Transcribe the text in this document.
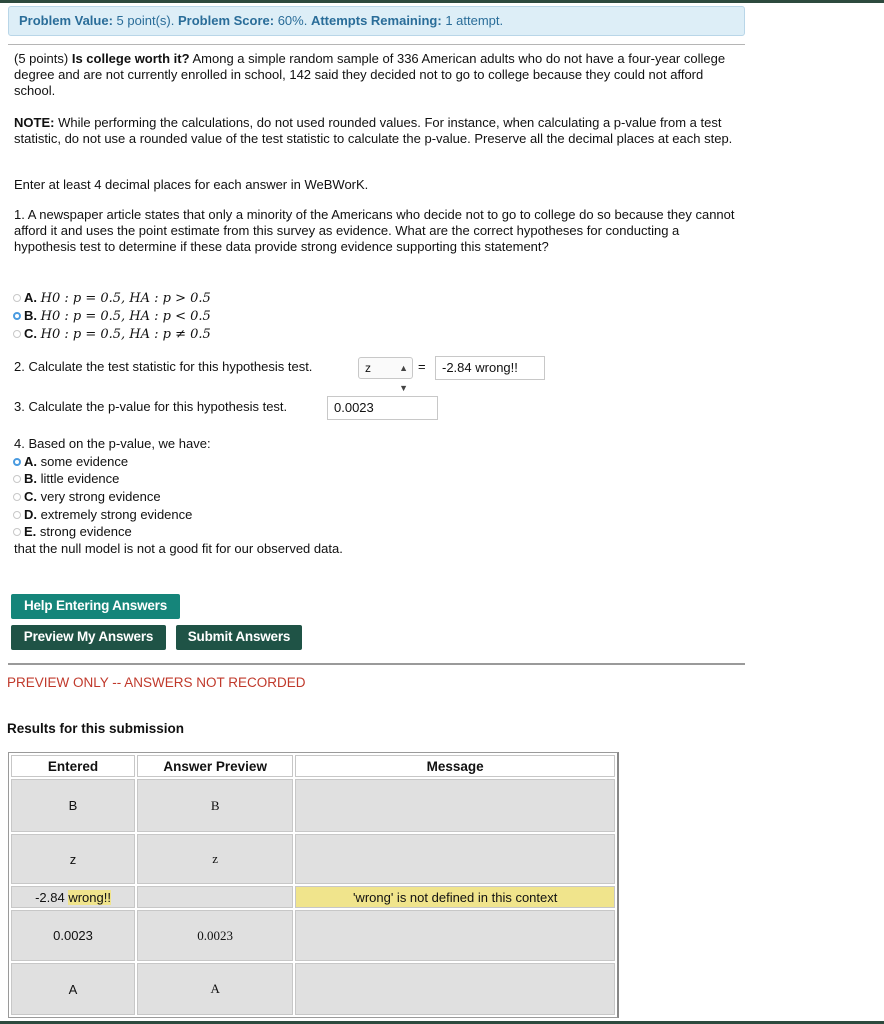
Problem Value: 5 point(s). Problem Score: 60%. Attempts Remaining: 1 attempt.
(5 points) Is college worth it? Among a simple random sample of 336 American adults who do not have a four-year college degree and are not currently enrolled in school, 142 said they decided not to go to college because they could not afford school.
NOTE: While performing the calculations, do not used rounded values. For instance, when calculating a p-value from a test statistic, do not use a rounded value of the test statistic to calculate the p-value. Preserve all the decimal places at each step.
Enter at least 4 decimal places for each answer in WeBWorK.
1. A newspaper article states that only a minority of the Americans who decide not to go to college do so because they cannot afford it and uses the point estimate from this survey as evidence. What are the correct hypotheses for conducting a hypothesis test to determine if these data provide strong evidence supporting this statement?
A. H0 : p = 0.5, HA : p > 0.5
B. H0 : p = 0.5, HA : p < 0.5
C. H0 : p = 0.5, HA : p ≠ 0.5
2. Calculate the test statistic for this hypothesis test.	z	▲
▼
=	-2.84 wrong!!
3. Calculate the p-value for this hypothesis test.	0.0023
4. Based on the p-value, we have:
A. some evidence
B. little evidence
C. very strong evidence
D. extremely strong evidence
E. strong evidence
that the null model is not a good fit for our observed data.
Help Entering Answers
Preview My Answers	Submit Answers
PREVIEW ONLY -- ANSWERS NOT RECORDED
Results for this submission
Entered	Answer Preview	Message
B	B	
z	z	
-2.84 wrong!!		'wrong' is not defined in this context
0.0023	0.0023	
A	A	
